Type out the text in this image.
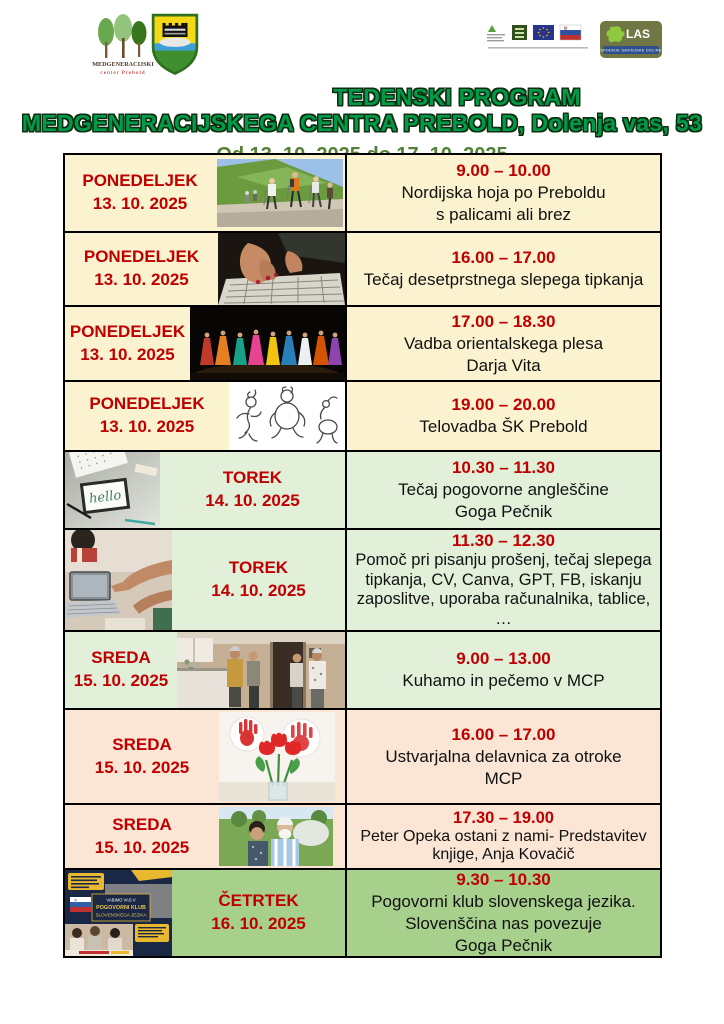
MEDGENERACIJSKI
center Prebold
LAS
SPODNJE SAVINJSKE DOLINE
TEDENSKI PROGRAM
MEDGENERACIJSKEGA CENTRA PREBOLD, Dolenja vas, 53
PONEDELJEK
13. 10. 2025
9.00 – 10.00
Nordijska hoja po Preboldu
s palicami ali brez
PONEDELJEK
13. 10. 2025
16.00 – 17.00
Tečaj desetprstnega slepega tipkanja
PONEDELJEK
13. 10. 2025
17.00 – 18.30
Vadba orientalskega plesa
Darja Vita
PONEDELJEK
13. 10. 2025
19.00 – 20.00
Telovadba ŠK Prebold
hello
TOREK
14. 10. 2025
10.30 – 11.30
Tečaj pogovorne angleščine
Goga Pečnik
TOREK
14. 10. 2025
11.30 – 12.30
Pomoč pri pisanju prošenj, tečaj slepega
tipkanja, CV, Canva, GPT, FB, iskanju
zaposlitve, uporaba računalnika, tablice,
…
SREDA
15. 10. 2025
9.00 – 13.00
Kuhamo in pečemo v MCP
SREDA
15. 10. 2025
16.00 – 17.00
Ustvarjalna delavnica za otroke
MCP
SREDA
15. 10. 2025
17.30 – 19.00
Peter Opeka ostani z nami- Predstavitev
knjige, Anja Kovačič
VABIMO VAS V
POGOVORNI KLUB
SLOVENSKEGA JEZIKA
ČETRTEK
16. 10. 2025
9.30 – 10.30
Pogovorni klub slovenskega jezika.
Slovenščina nas povezuje
Goga Pečnik
